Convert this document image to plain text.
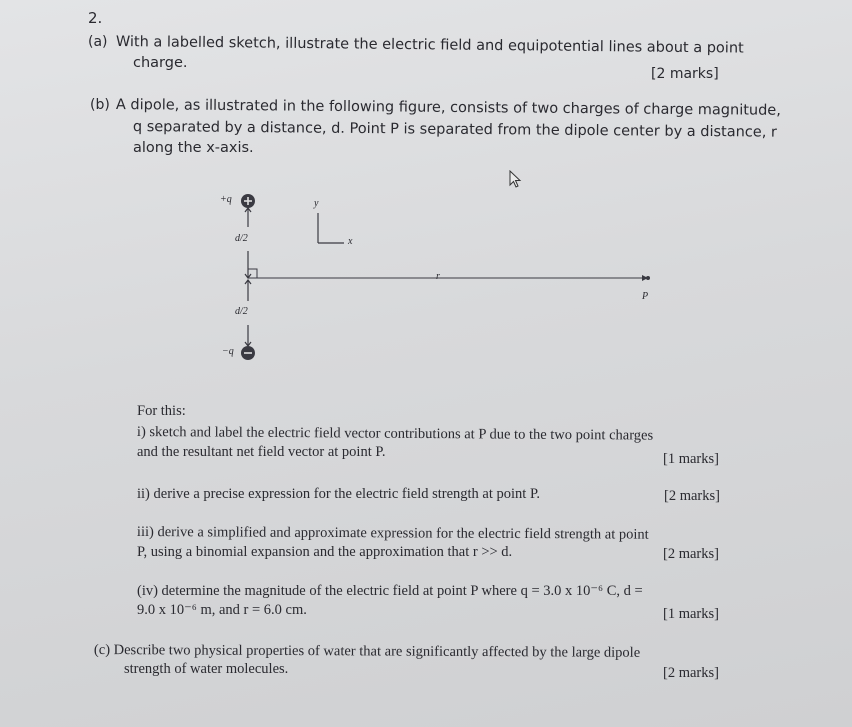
2.
(a) With a labelled sketch, illustrate the electric field and equipotential lines about a point
charge.
[2 marks]
(b) A dipole, as illustrated in the following figure, consists of two charges of charge magnitude,
q separated by a distance, d. Point P is separated from the dipole center by a distance, r
along the x-axis.
+q
d/2
y
x
r
P
d/2
−q
For this:
i) sketch and label the electric field vector contributions at P due to the two point charges
and the resultant net field vector at point P.	[1 marks]
ii) derive a precise expression for the electric field strength at point P.	[2 marks]
iii) derive a simplified and approximate expression for the electric field strength at point
P, using a binomial expansion and the approximation that r >> d.	[2 marks]
(iv) determine the magnitude of the electric field at point P where q = 3.0 x 10⁻⁶ C, d =
9.0 x 10⁻⁶ m, and r = 6.0 cm.	[1 marks]
(c) Describe two physical properties of water that are significantly affected by the large dipole
strength of water molecules.	[2 marks]
